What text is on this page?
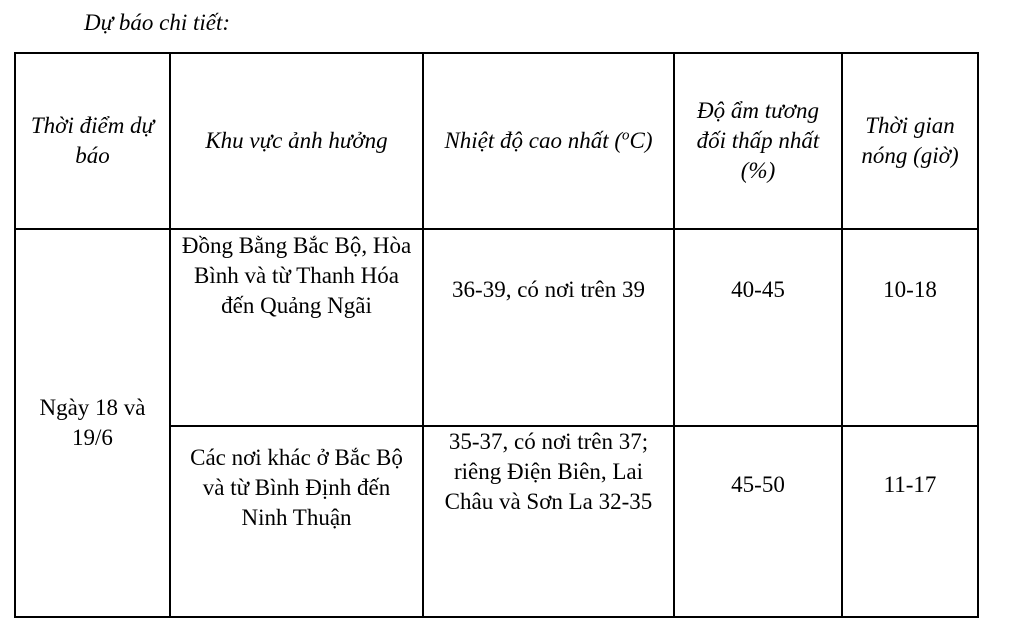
Dự báo chi tiết:
Thời điểm dự báo	Khu vực ảnh hưởng	Nhiệt độ cao nhất ($^o$C)	Độ ẩm tương đối thấp nhất (%)	Thời gian nóng (giờ)
Ngày 18 và 19/6	Đồng Bằng Bắc Bộ, Hòa Bình và từ Thanh Hóa đến Quảng Ngãi	36-39, có nơi trên 39	40-45	10-18
	Các nơi khác ở Bắc Bộ và từ Bình Định đến Ninh Thuận	35-37, có nơi trên 37; riêng Điện Biên, Lai Châu và Sơn La 32-35	45-50	11-17
